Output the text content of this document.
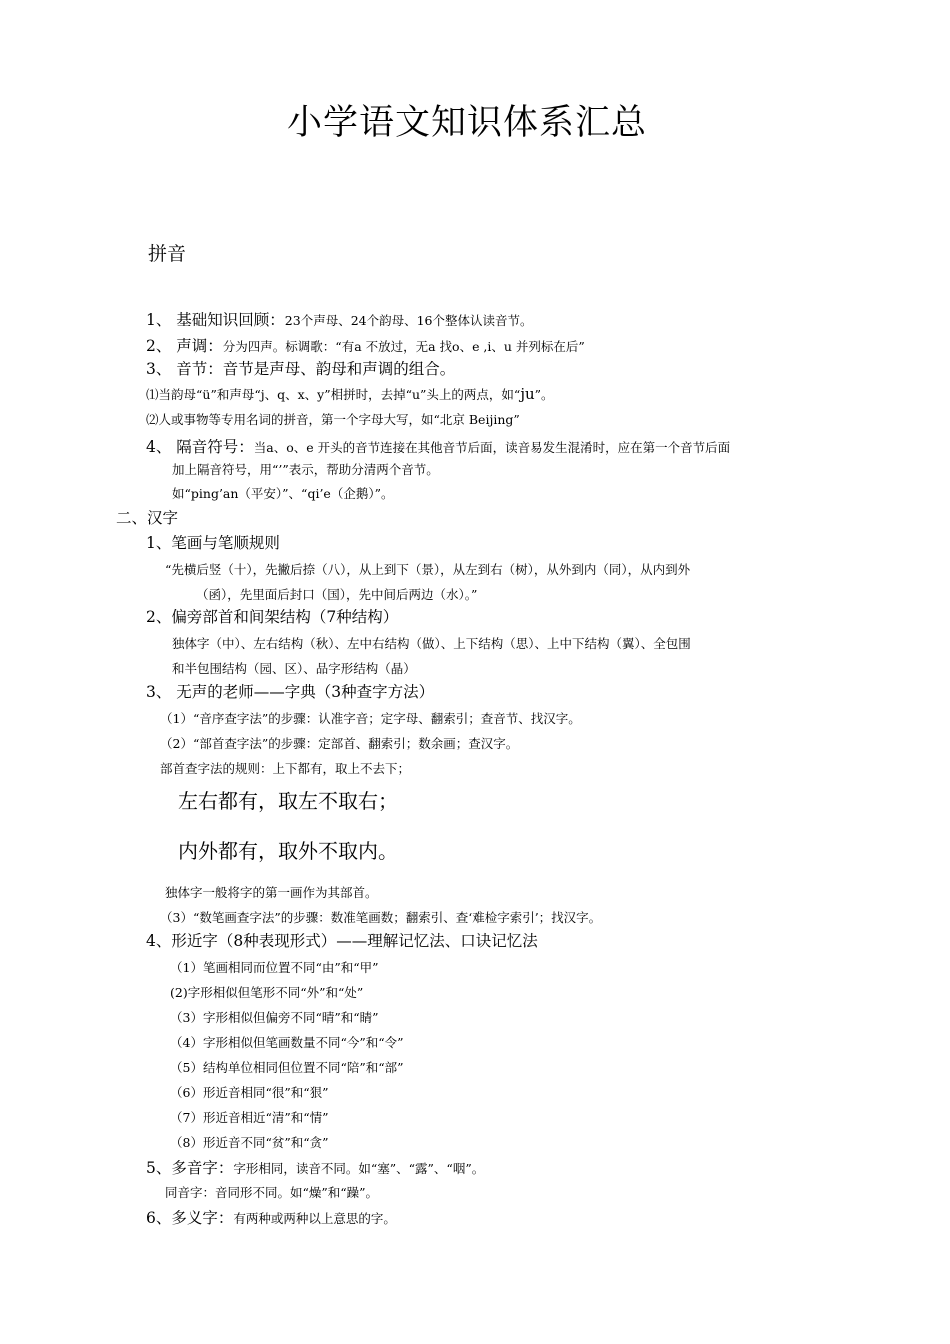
小学语文知识体系汇总
拼音
1、 基础知识回顾：23个声母、24个韵母、16个整体认读音节。
2、 声调：分为四声。标调歌：“有a 不放过，无a 找o、e ,i、u 并列标在后”
3、 音节：音节是声母、韵母和声调的组合。
⑴当韵母“ü”和声母“j、q、x、y”相拼时，去掉“u”头上的两点，如“ju”。
⑵人或事物等专用名词的拼音，第一个字母大写，如“北京 Beijing”
4、 隔音符号：当a、o、e 开头的音节连接在其他音节后面，读音易发生混淆时，应在第一个音节后面
加上隔音符号，用“’”表示，帮助分清两个音节。
如“ping’an（平安）”、“qi’e（企鹅）”。
二、汉字
1、笔画与笔顺规则
“先横后竖（十），先撇后捺（八），从上到下（景），从左到右（树），从外到内（同），从内到外
（函），先里面后封口（国），先中间后两边（水）。”
2、偏旁部首和间架结构（7种结构）
独体字（中）、左右结构（秋）、左中右结构（做）、上下结构（思）、上中下结构（翼）、全包围
和半包围结构（园、区）、品字形结构（晶）
3、 无声的老师——字典（3种查字方法）
（1）“音序查字法”的步骤：认准字音；定字母、翻索引；查音节、找汉字。
（2）“部首查字法”的步骤：定部首、翻索引；数余画；查汉字。
部首查字法的规则：上下都有，取上不去下；
左右都有，取左不取右；
内外都有，取外不取内。
独体字一般将字的第一画作为其部首。
（3）“数笔画查字法”的步骤：数准笔画数；翻索引、查‘难检字索引’；找汉字。
4、形近字（8种表现形式）——理解记忆法、口诀记忆法
（1）笔画相同而位置不同“由”和“甲”
(2)字形相似但笔形不同“外”和“处”
（3）字形相似但偏旁不同“晴”和“睛”
（4）字形相似但笔画数量不同“今”和“令”
（5）结构单位相同但位置不同“陪”和“部”
（6）形近音相同“很”和“狠”
（7）形近音相近“清”和“情”
（8）形近音不同“贫”和“贪”
5、多音字：字形相同，读音不同。如“塞”、“露”、“咽”。
同音字：音同形不同。如“燥”和“躁”。
6、多义字：有两种或两种以上意思的字。
